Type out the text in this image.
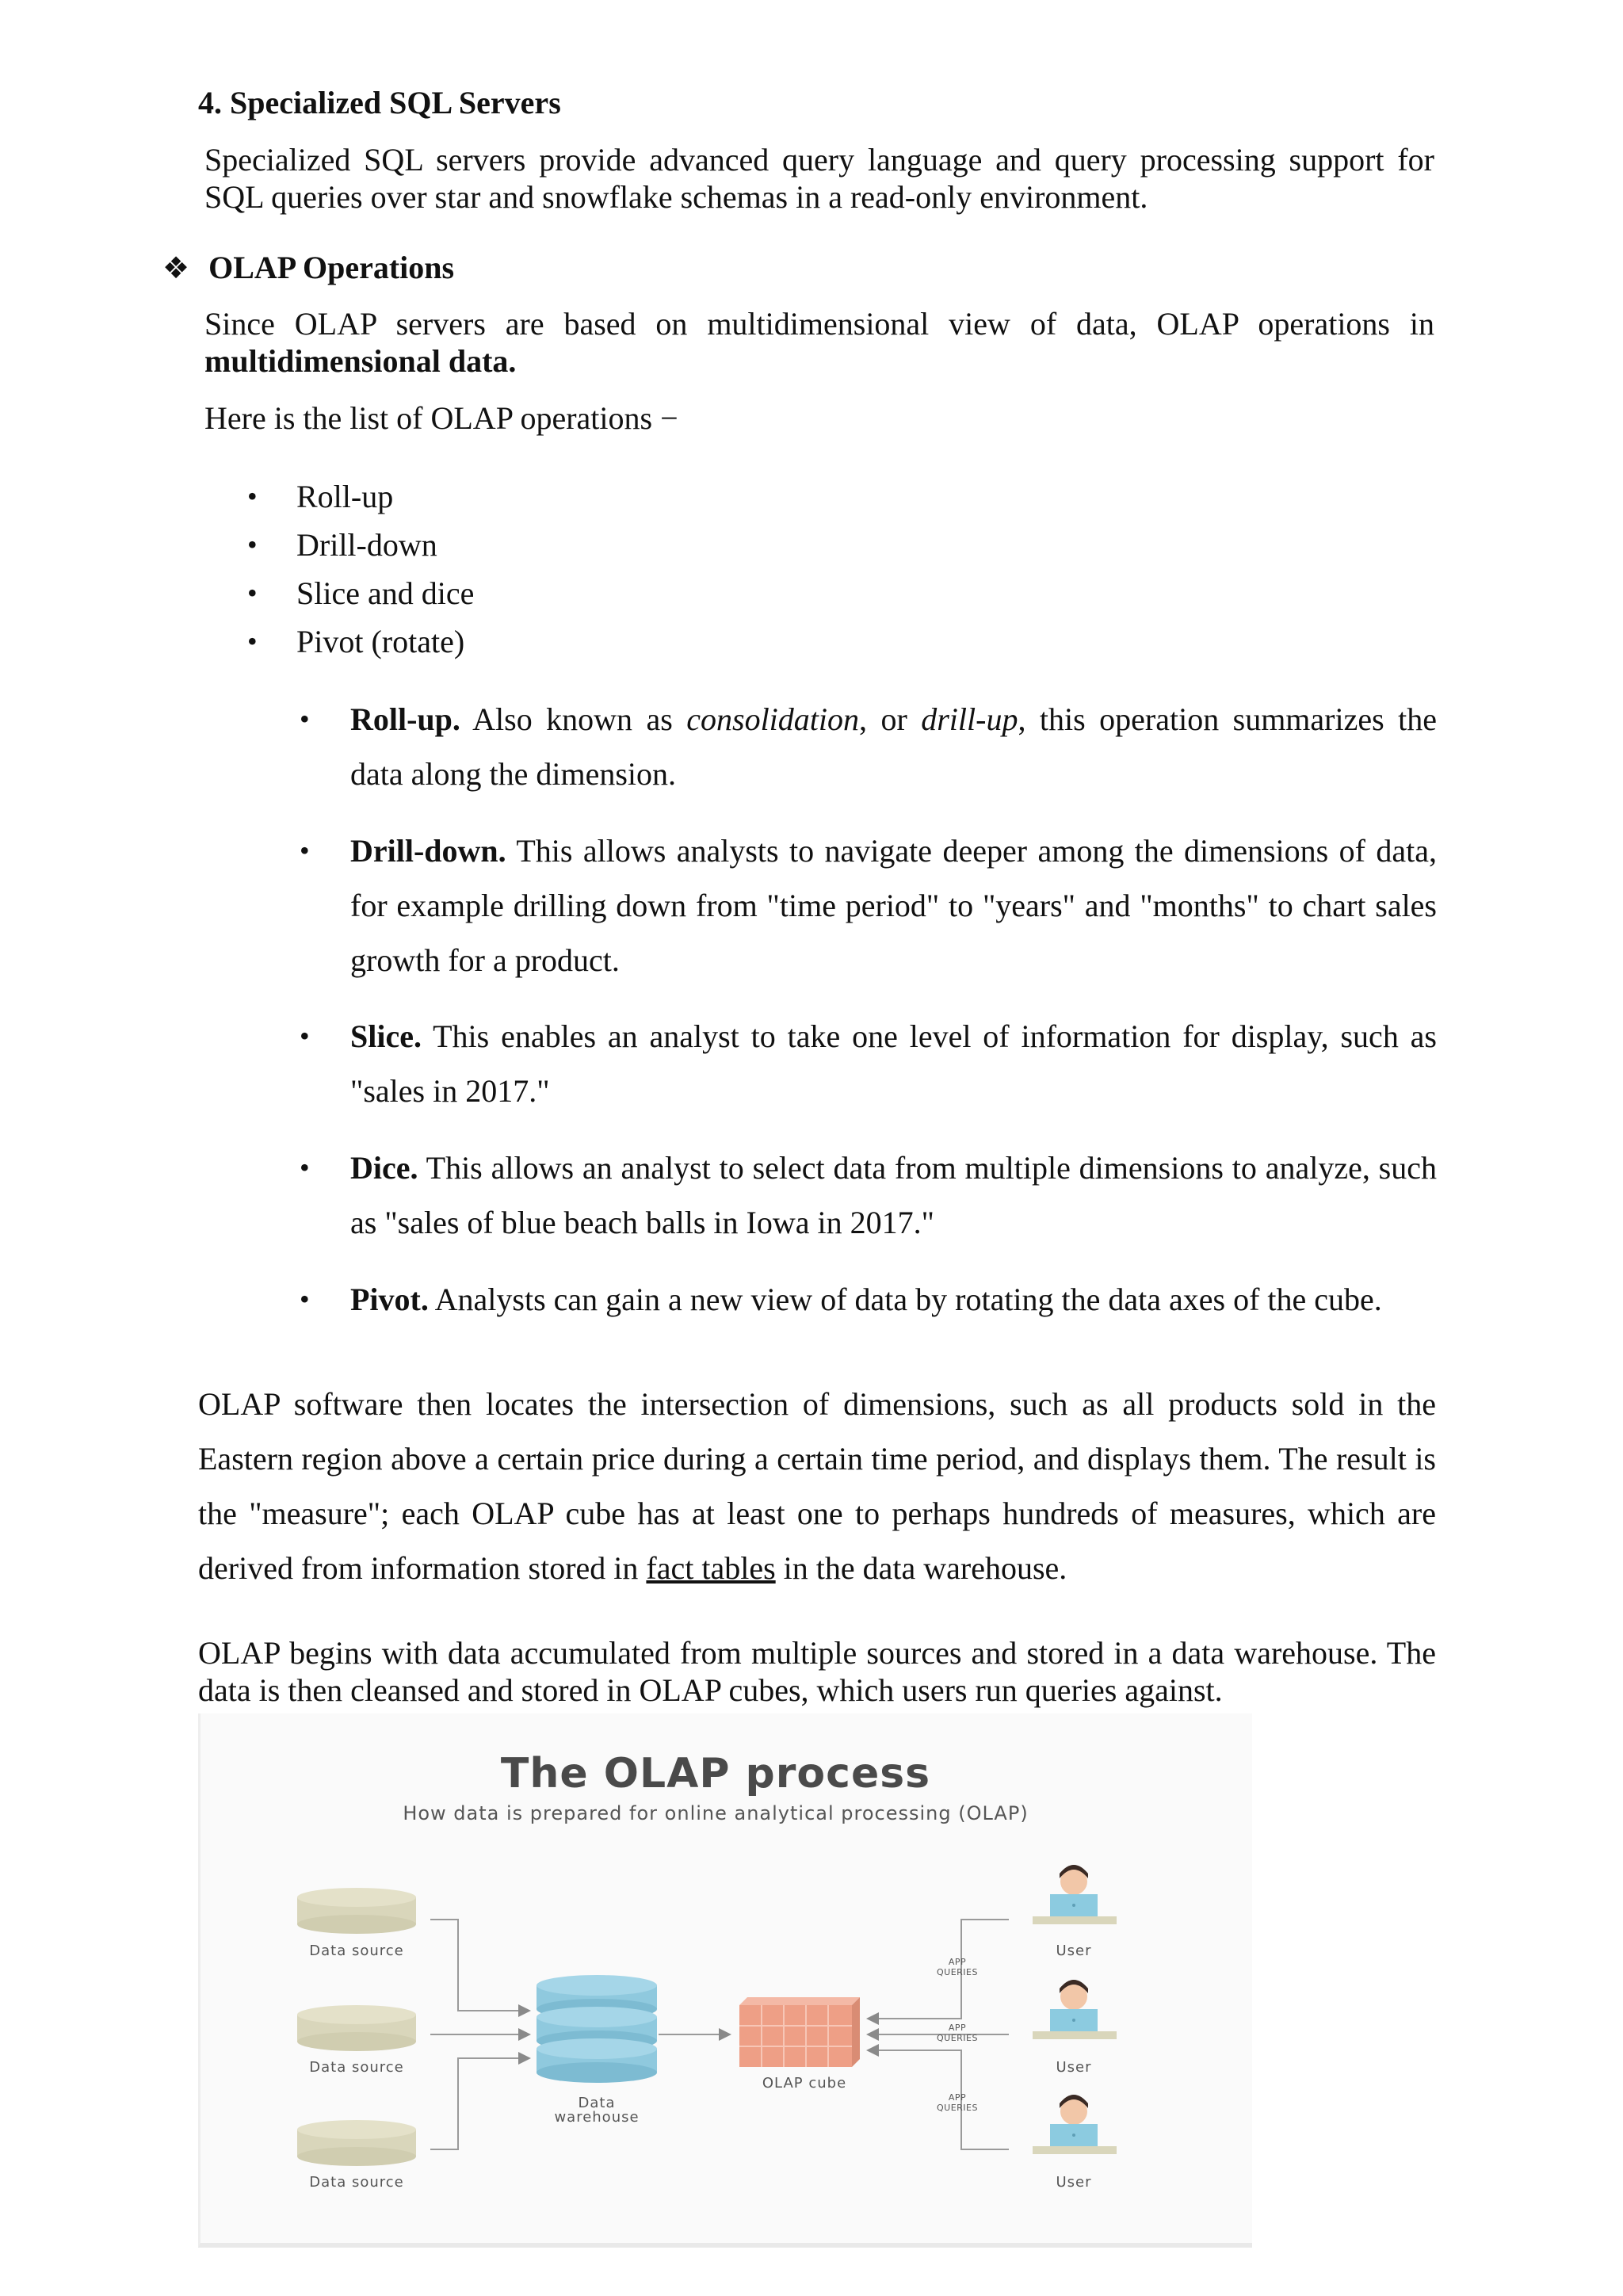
4. Specialized SQL Servers
Specialized SQL servers provide advanced query language and query processing support for SQL queries over star and snowflake schemas in a read-only environment.
❖ OLAP Operations
Since OLAP servers are based on multidimensional view of data, OLAP operations in multidimensional data.
Here is the list of OLAP operations −
• Roll-up
• Drill-down
• Slice and dice
• Pivot (rotate)
• Roll-up. Also known as consolidation, or drill-up, this operation summarizes the data along the dimension.
• Drill-down. This allows analysts to navigate deeper among the dimensions of data, for example drilling down from "time period" to "years" and "months" to chart sales growth for a product.
• Slice. This enables an analyst to take one level of information for display, such as "sales in 2017."
• Dice. This allows an analyst to select data from multiple dimensions to analyze, such as "sales of blue beach balls in Iowa in 2017."
• Pivot. Analysts can gain a new view of data by rotating the data axes of the cube.
OLAP software then locates the intersection of dimensions, such as all products sold in the Eastern region above a certain price during a certain time period, and displays them. The result is the "measure"; each OLAP cube has at least one to perhaps hundreds of measures, which are derived from information stored in fact tables in the data warehouse.
OLAP begins with data accumulated from multiple sources and stored in a data warehouse. The data is then cleansed and stored in OLAP cubes, which users run queries against.
The OLAP process
How data is prepared for online analytical processing (OLAP)
Data source
Data source
Data source
Data
warehouse
OLAP cube
APP
QUERIES
APP
QUERIES
APP
QUERIES
User
User
User
